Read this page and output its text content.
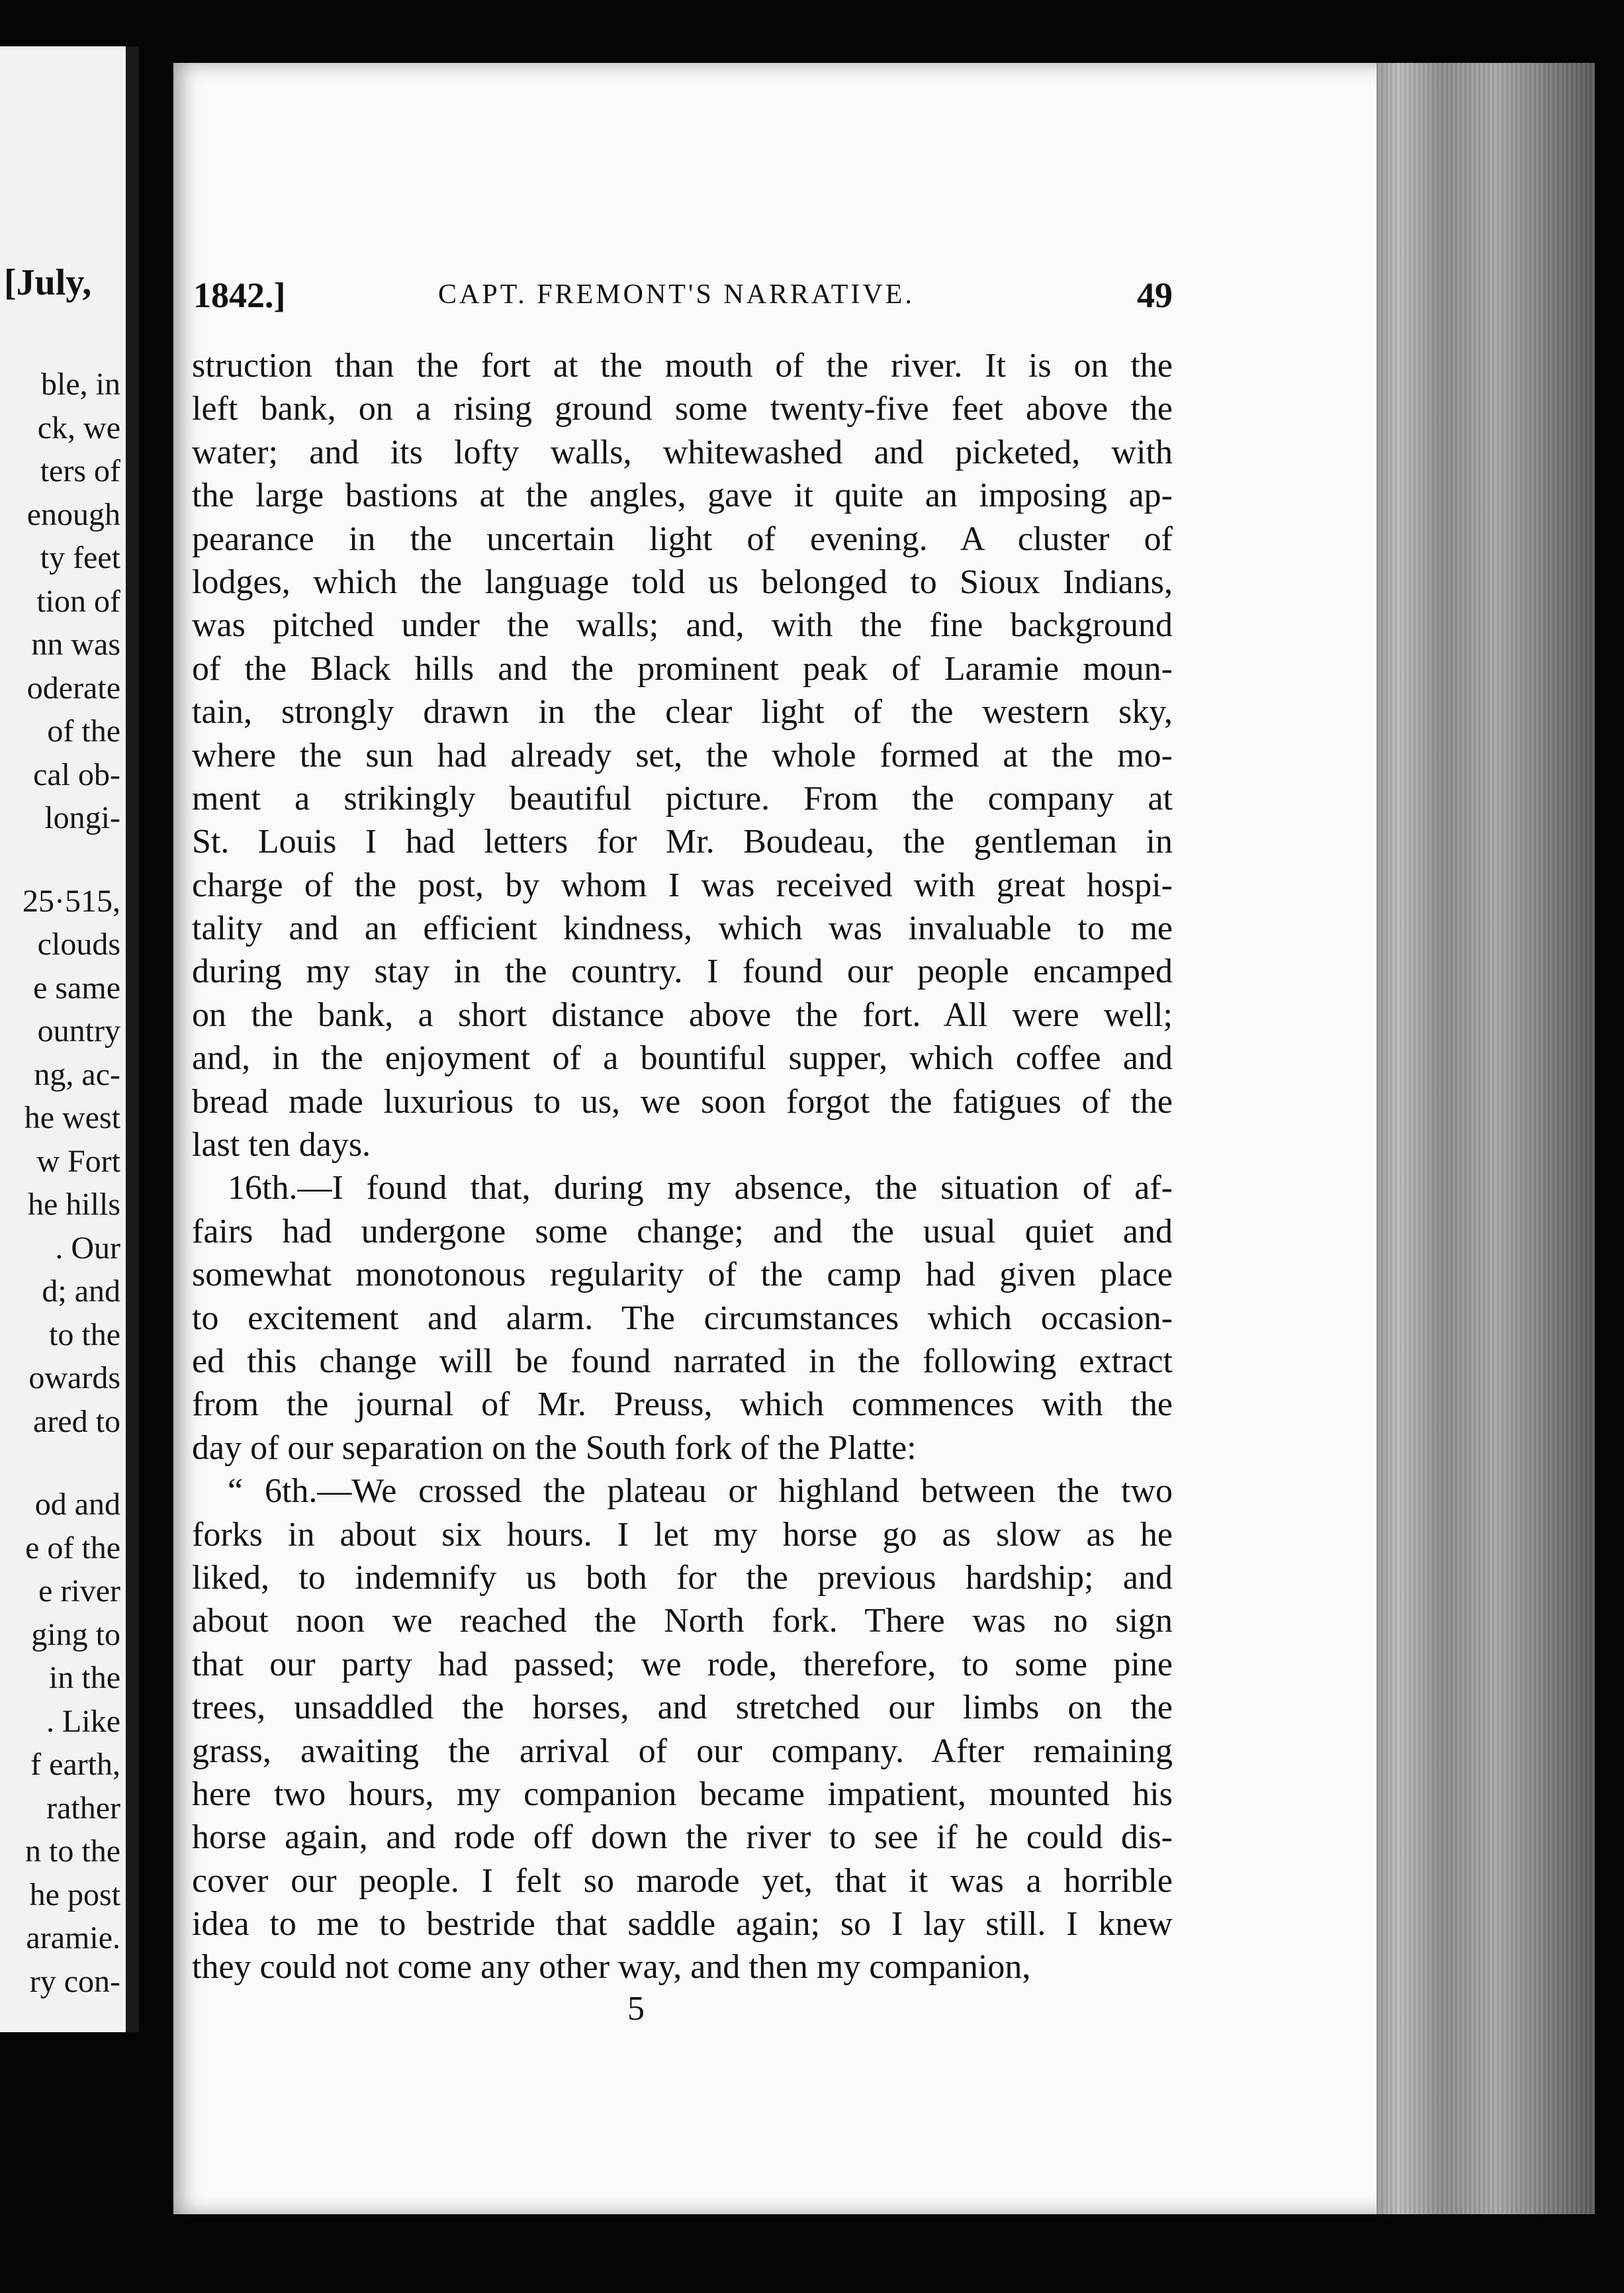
[July,
ble, in
ck, we
ters of
enough
ty feet
tion of
nn was
oderate
of the
cal ob-
longi-
25·515,
clouds
e same
ountry
ng, ac-
he west
w Fort
he hills
. Our
d; and
to the
owards
ared to
od and
e of the
e river
ging to
in the
. Like
f earth,
rather
n to the
he post
aramie.
ry con-
1842.]	CAPT. FREMONT'S NARRATIVE.	49
struction than the fort at the mouth of the river. It is on the
left bank, on a rising ground some twenty-five feet above the
water; and its lofty walls, whitewashed and picketed, with
the large bastions at the angles, gave it quite an imposing ap-
pearance in the uncertain light of evening. A cluster of
lodges, which the language told us belonged to Sioux Indians,
was pitched under the walls; and, with the fine background
of the Black hills and the prominent peak of Laramie moun-
tain, strongly drawn in the clear light of the western sky,
where the sun had already set, the whole formed at the mo-
ment a strikingly beautiful picture. From the company at
St. Louis I had letters for Mr. Boudeau, the gentleman in
charge of the post, by whom I was received with great hospi-
tality and an efficient kindness, which was invaluable to me
during my stay in the country. I found our people encamped
on the bank, a short distance above the fort. All were well;
and, in the enjoyment of a bountiful supper, which coffee and
bread made luxurious to us, we soon forgot the fatigues of the
last ten days.
16th.—I found that, during my absence, the situation of af-
fairs had undergone some change; and the usual quiet and
somewhat monotonous regularity of the camp had given place
to excitement and alarm. The circumstances which occasion-
ed this change will be found narrated in the following extract
from the journal of Mr. Preuss, which commences with the
day of our separation on the South fork of the Platte:
“ 6th.—We crossed the plateau or highland between the two
forks in about six hours. I let my horse go as slow as he
liked, to indemnify us both for the previous hardship; and
about noon we reached the North fork. There was no sign
that our party had passed; we rode, therefore, to some pine
trees, unsaddled the horses, and stretched our limbs on the
grass, awaiting the arrival of our company. After remaining
here two hours, my companion became impatient, mounted his
horse again, and rode off down the river to see if he could dis-
cover our people. I felt so marode yet, that it was a horrible
idea to me to bestride that saddle again; so I lay still. I knew
they could not come any other way, and then my companion,
5
